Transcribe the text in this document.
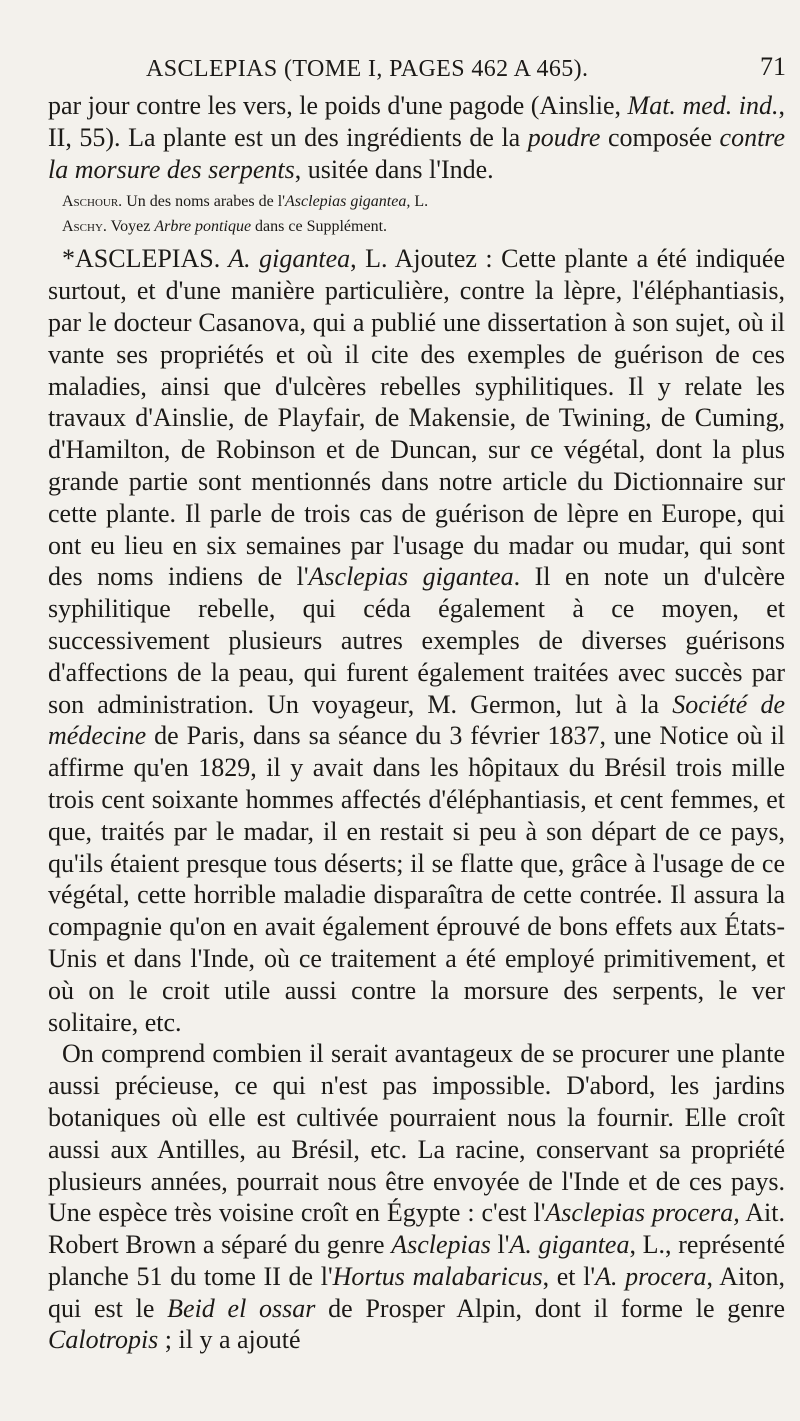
ASCLEPIAS (TOME I, PAGES 462 A 465).	71

par jour contre les vers, le poids d'une pagode (Ainslie, Mat. med. ind., II, 55). La plante est un des ingrédients de la poudre composée contre la morsure des serpents, usitée dans l'Inde.

Aschour. Un des noms arabes de l'Asclepias gigantea, L.

Aschy. Voyez Arbre pontique dans ce Supplément.

*ASCLEPIAS. A. gigantea, L. Ajoutez : Cette plante a été indiquée surtout, et d'une manière particulière, contre la lèpre, l'éléphantiasis, par le docteur Casanova, qui a publié une dissertation à son sujet, où il vante ses propriétés et où il cite des exemples de guérison de ces maladies, ainsi que d'ulcères rebelles syphilitiques. Il y relate les travaux d'Ainslie, de Playfair, de Makensie, de Twining, de Cuming, d'Hamilton, de Robinson et de Duncan, sur ce végétal, dont la plus grande partie sont mentionnés dans notre article du Dictionnaire sur cette plante. Il parle de trois cas de guérison de lèpre en Europe, qui ont eu lieu en six semaines par l'usage du madar ou mudar, qui sont des noms indiens de l'Asclepias gigantea. Il en note un d'ulcère syphilitique rebelle, qui céda également à ce moyen, et successivement plusieurs autres exemples de diverses guérisons d'affections de la peau, qui furent également traitées avec succès par son administration. Un voyageur, M. Germon, lut à la Société de médecine de Paris, dans sa séance du 3 février 1837, une Notice où il affirme qu'en 1829, il y avait dans les hôpitaux du Brésil trois mille trois cent soixante hommes affectés d'éléphantiasis, et cent femmes, et que, traités par le madar, il en restait si peu à son départ de ce pays, qu'ils étaient presque tous déserts; il se flatte que, grâce à l'usage de ce végétal, cette horrible maladie disparaîtra de cette contrée. Il assura la compagnie qu'on en avait également éprouvé de bons effets aux États-Unis et dans l'Inde, où ce traitement a été employé primitivement, et où on le croit utile aussi contre la morsure des serpents, le ver solitaire, etc.

On comprend combien il serait avantageux de se procurer une plante aussi précieuse, ce qui n'est pas impossible. D'abord, les jardins botaniques où elle est cultivée pourraient nous la fournir. Elle croît aussi aux Antilles, au Brésil, etc. La racine, conservant sa propriété plusieurs années, pourrait nous être envoyée de l'Inde et de ces pays. Une espèce très voisine croît en Égypte : c'est l'Asclepias procera, Ait. Robert Brown a séparé du genre Asclepias l'A. gigantea, L., représenté planche 51 du tome II de l'Hortus malabaricus, et l'A. procera, Aiton, qui est le Beid el ossar de Prosper Alpin, dont il forme le genre Calotropis ; il y a ajouté
